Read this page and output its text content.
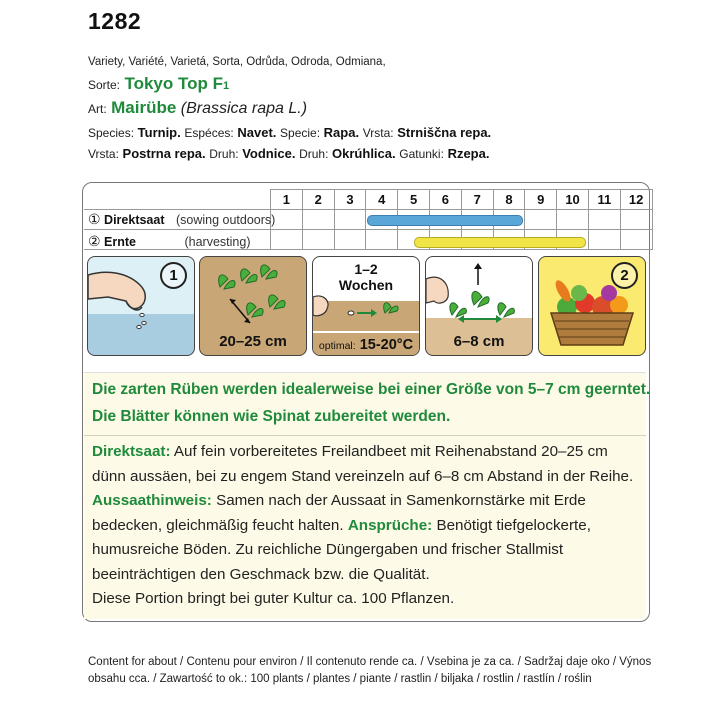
1282
Variety, Variété, Varietá, Sorta, Odrůda, Odroda, Odmiana,
Sorte: Tokyo Top F1
Art: Mairübe (Brassica rapa L.)
Species: Turnip. Espéces: Navet. Specie: Rapa. Vrsta: Strniščna repa.
Vrsta: Postrna repa. Druh: Vodnice. Druh: Okrúhlica. Gatunki: Rzepa.
	1	2	3	4	5	6	7	8	9	10	11	12

① Direktsaat (sowing outdoors)
② Ernte	(harvesting)
1
20–25 cm
1–2
Wochen
optimal: 15-20°C	6–8 cm
2
Die zarten Rüben werden idealerweise bei einer Größe von 5–7 cm geerntet.
Die Blätter können wie Spinat zubereitet werden.
Direktsaat: Auf fein vorbereitetes Freilandbeet mit Reihenabstand 20–25 cm dünn aussäen, bei zu engem Stand vereinzeln auf 6–8 cm Abstand in der Reihe. Aussaathinweis: Samen nach der Aussaat in Samenkornstärke mit Erde bedecken, gleichmäßig feucht halten. Ansprüche: Benötigt tiefgelockerte, humusreiche Böden. Zu reichliche Düngergaben und frischer Stallmist beeinträchtigen den Geschmack bzw. die Qualität.
Diese Portion bringt bei guter Kultur ca. 100 Pflanzen.
Content for about / Contenu pour environ / Il contenuto rende ca. / Vsebina je za ca. / Sadržaj daje oko / Výnos
obsahu cca. / Zawartość to ok.: 100 plants / plantes / piante / rastlin / biljaka / rostlin / rastlín / roślin
